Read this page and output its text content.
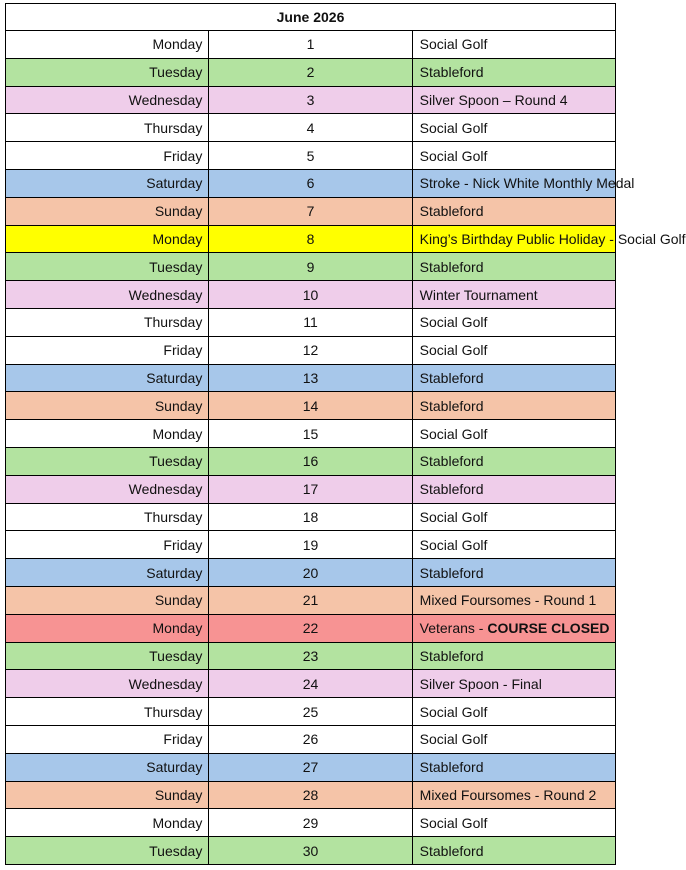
June 2026		
Monday	1	Social Golf
Tuesday	2	Stableford
Wednesday	3	Silver Spoon – Round 4
Thursday	4	Social Golf
Friday	5	Social Golf
Saturday	6	Stroke - Nick White Monthly Medal
Sunday	7	Stableford
Monday	8	King’s Birthday Public Holiday - Social Golf
Tuesday	9	Stableford
Wednesday	10	Winter Tournament
Thursday	11	Social Golf
Friday	12	Social Golf
Saturday	13	Stableford
Sunday	14	Stableford
Monday	15	Social Golf
Tuesday	16	Stableford
Wednesday	17	Stableford
Thursday	18	Social Golf
Friday	19	Social Golf
Saturday	20	Stableford
Sunday	21	Mixed Foursomes - Round 1
Monday	22	Veterans - COURSE CLOSED
Tuesday	23	Stableford
Wednesday	24	Silver Spoon - Final
Thursday	25	Social Golf
Friday	26	Social Golf
Saturday	27	Stableford
Sunday	28	Mixed Foursomes - Round 2
Monday	29	Social Golf
Tuesday	30	Stableford
